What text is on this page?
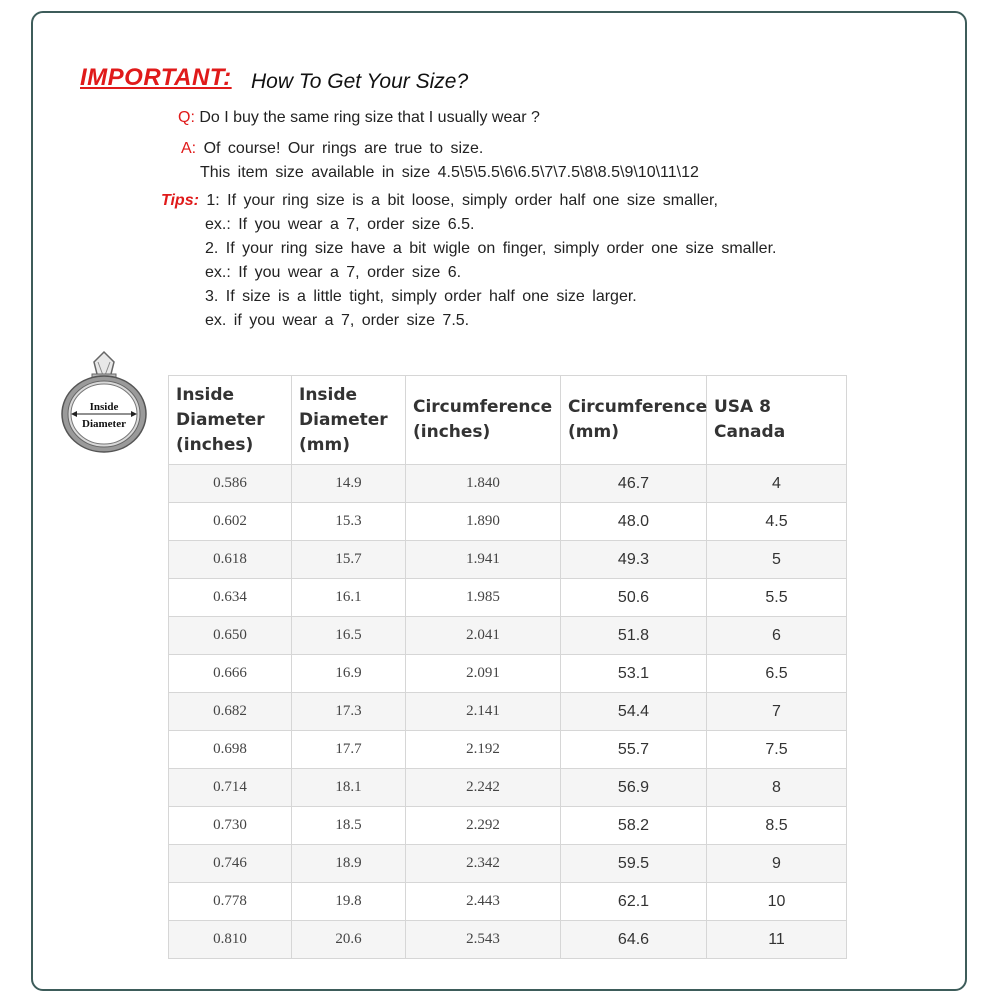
IMPORTANT: How To Get Your Size?
Q: Do I buy the same ring size that I usually wear ?
A: Of course! Our rings are true to size.
This item size available in size 4.5\5\5.5\6\6.5\7\7.5\8\8.5\9\10\11\12
Tips: 1: If your ring size is a bit loose, simply order half one size smaller,
ex.: If you wear a 7, order size 6.5.
2. If your ring size have a bit wigle on finger, simply order one size smaller.
ex.: If you wear a 7, order size 6.
3. If size is a little tight, simply order half one size larger.
ex. if you wear a 7, order size 7.5.
Inside
Diameter
Inside
Diameter
(inches)	Inside
Diameter
(mm)	Circumference
(inches)	Circumference
(mm)	USA 8 Canada
0.586	14.9	1.840	46.7	4
0.602	15.3	1.890	48.0	4.5
0.618	15.7	1.941	49.3	5
0.634	16.1	1.985	50.6	5.5
0.650	16.5	2.041	51.8	6
0.666	16.9	2.091	53.1	6.5
0.682	17.3	2.141	54.4	7
0.698	17.7	2.192	55.7	7.5
0.714	18.1	2.242	56.9	8
0.730	18.5	2.292	58.2	8.5
0.746	18.9	2.342	59.5	9
0.778	19.8	2.443	62.1	10
0.810	20.6	2.543	64.6	11
